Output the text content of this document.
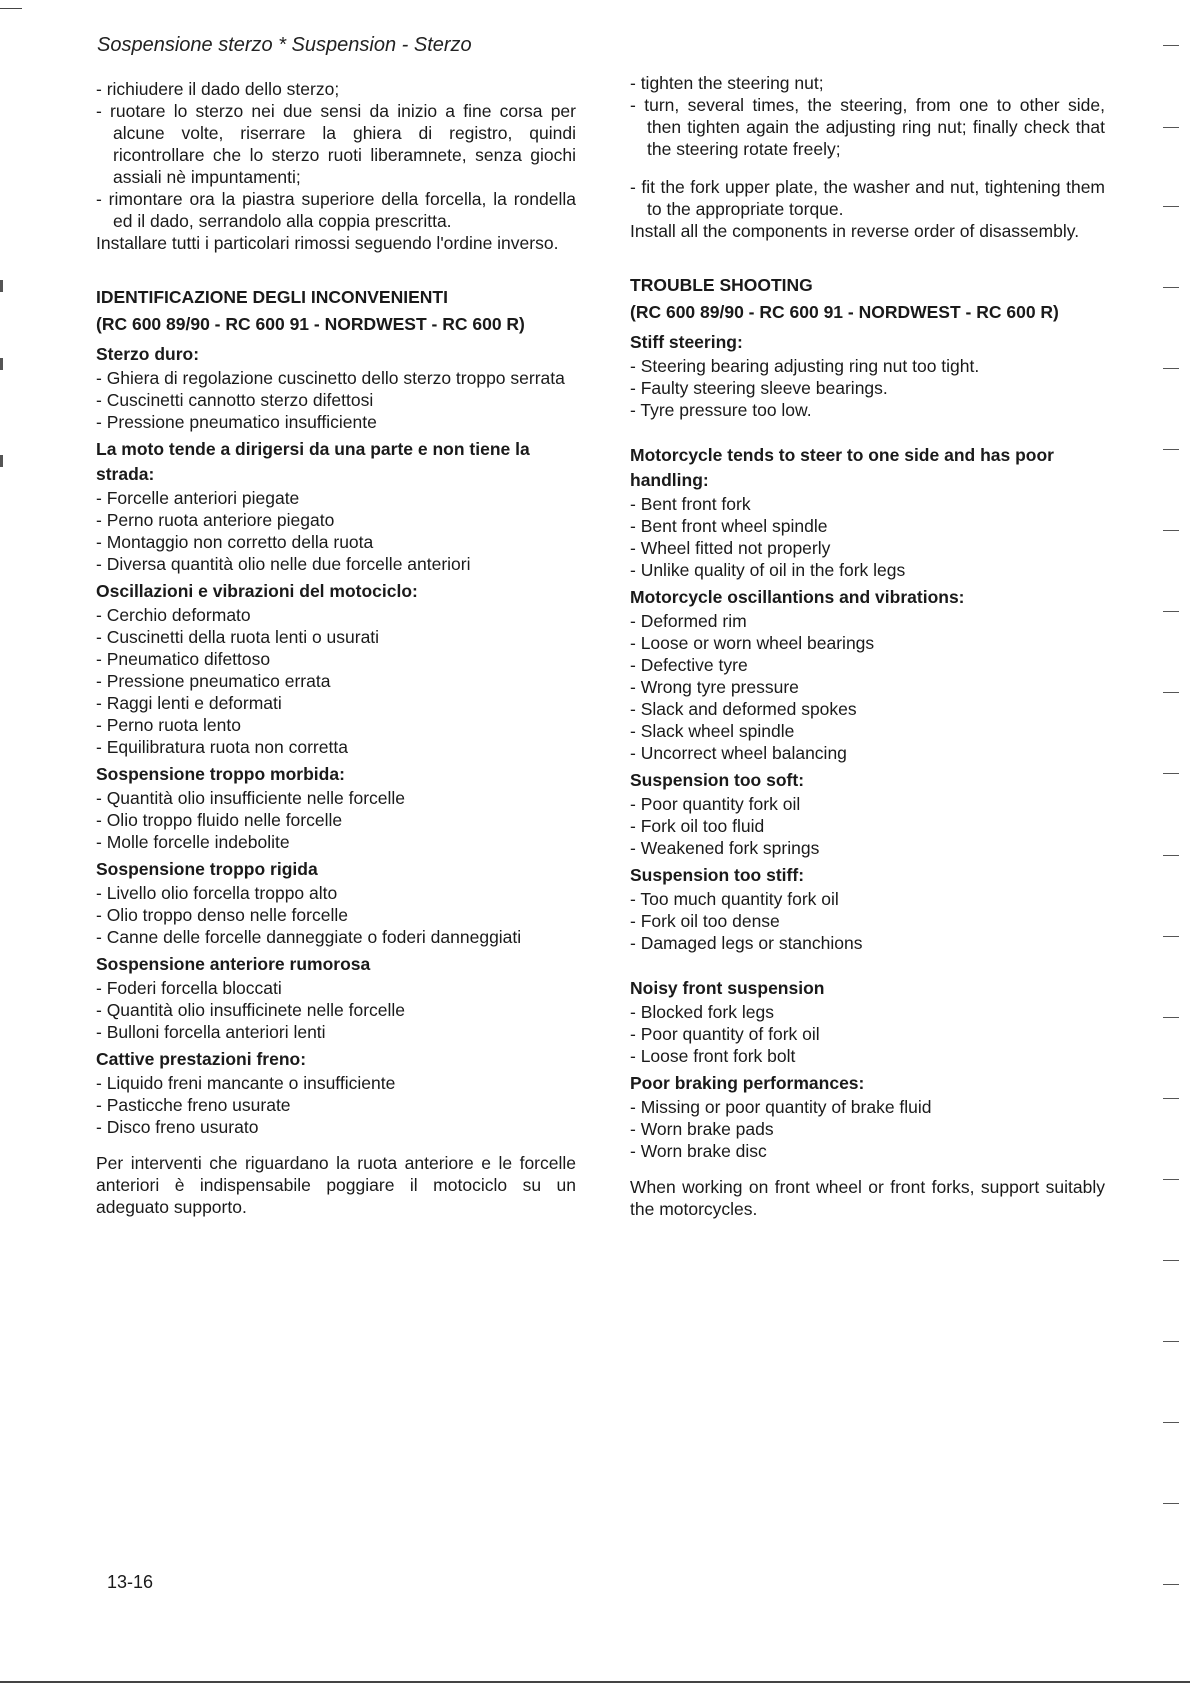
Sospensione sterzo * Suspension - Sterzo

- richiudere il dado dello sterzo;

- ruotare lo sterzo nei due sensi da inizio a fine corsa per alcune volte, riserrare la ghiera di registro, quindi ricontrollare che lo sterzo ruoti liberamnete, senza giochi assiali nè impuntamenti;

- rimontare ora la piastra superiore della forcella, la rondella ed il dado, serrandolo alla coppia prescritta.

Installare tutti i particolari rimossi seguendo l'ordine inverso.

IDENTIFICAZIONE DEGLI INCONVENIENTI
(RC 600 89/90 - RC 600 91 - NORDWEST - RC 600 R)

Sterzo duro:

- Ghiera di regolazione cuscinetto dello sterzo troppo serrata

- Cuscinetti cannotto sterzo difettosi

- Pressione pneumatico insufficiente

La moto tende a dirigersi da una parte e non tiene la strada:

- Forcelle anteriori piegate

- Perno ruota anteriore piegato

- Montaggio non corretto della ruota

- Diversa quantità olio nelle due forcelle anteriori

Oscillazioni e vibrazioni del motociclo:

- Cerchio deformato

- Cuscinetti della ruota lenti o usurati

- Pneumatico difettoso

- Pressione pneumatico errata

- Raggi lenti e deformati

- Perno ruota lento

- Equilibratura ruota non corretta

Sospensione troppo morbida:

- Quantità olio insufficiente nelle forcelle

- Olio troppo fluido nelle forcelle

- Molle forcelle indebolite

Sospensione troppo rigida

- Livello olio forcella troppo alto

- Olio troppo denso nelle forcelle

- Canne delle forcelle danneggiate o foderi danneggiati

Sospensione anteriore rumorosa

- Foderi forcella bloccati

- Quantità olio insufficinete nelle forcelle

- Bulloni forcella anteriori lenti

Cattive prestazioni freno:

- Liquido freni mancante o insufficiente

- Pasticche freno usurate

- Disco freno usurato

Per interventi che riguardano la ruota anteriore e le forcelle anteriori è indispensabile poggiare il motociclo su un adeguato supporto.

- tighten the steering nut;

- turn, several times, the steering, from one to other side, then tighten again the adjusting ring nut; finally check that the steering rotate freely;

- fit the fork upper plate, the washer and nut, tightening them to the appropriate torque.

Install all the components in reverse order of disassembly.

TROUBLE SHOOTING
(RC 600 89/90 - RC 600 91 - NORDWEST - RC 600 R)

Stiff steering:

- Steering bearing adjusting ring nut too tight.

- Faulty steering sleeve bearings.

- Tyre pressure too low.

Motorcycle tends to steer to one side and has poor handling:

- Bent front fork

- Bent front wheel spindle

- Wheel fitted not properly

- Unlike quality of oil in the fork legs

Motorcycle oscillantions and vibrations:

- Deformed rim

- Loose or worn wheel bearings

- Defective tyre

- Wrong tyre pressure

- Slack and deformed spokes

- Slack wheel spindle

- Uncorrect wheel balancing

Suspension too soft:

- Poor quantity fork oil

- Fork oil too fluid

- Weakened fork springs

Suspension too stiff:

- Too much quantity fork oil

- Fork oil too dense

- Damaged legs or stanchions

Noisy front suspension

- Blocked fork legs

- Poor quantity of fork oil

- Loose front fork bolt

Poor braking performances:

- Missing or poor quantity of brake fluid

- Worn brake pads

- Worn brake disc

When working on front wheel or front forks, support suitably the motorcycles.

13-16
